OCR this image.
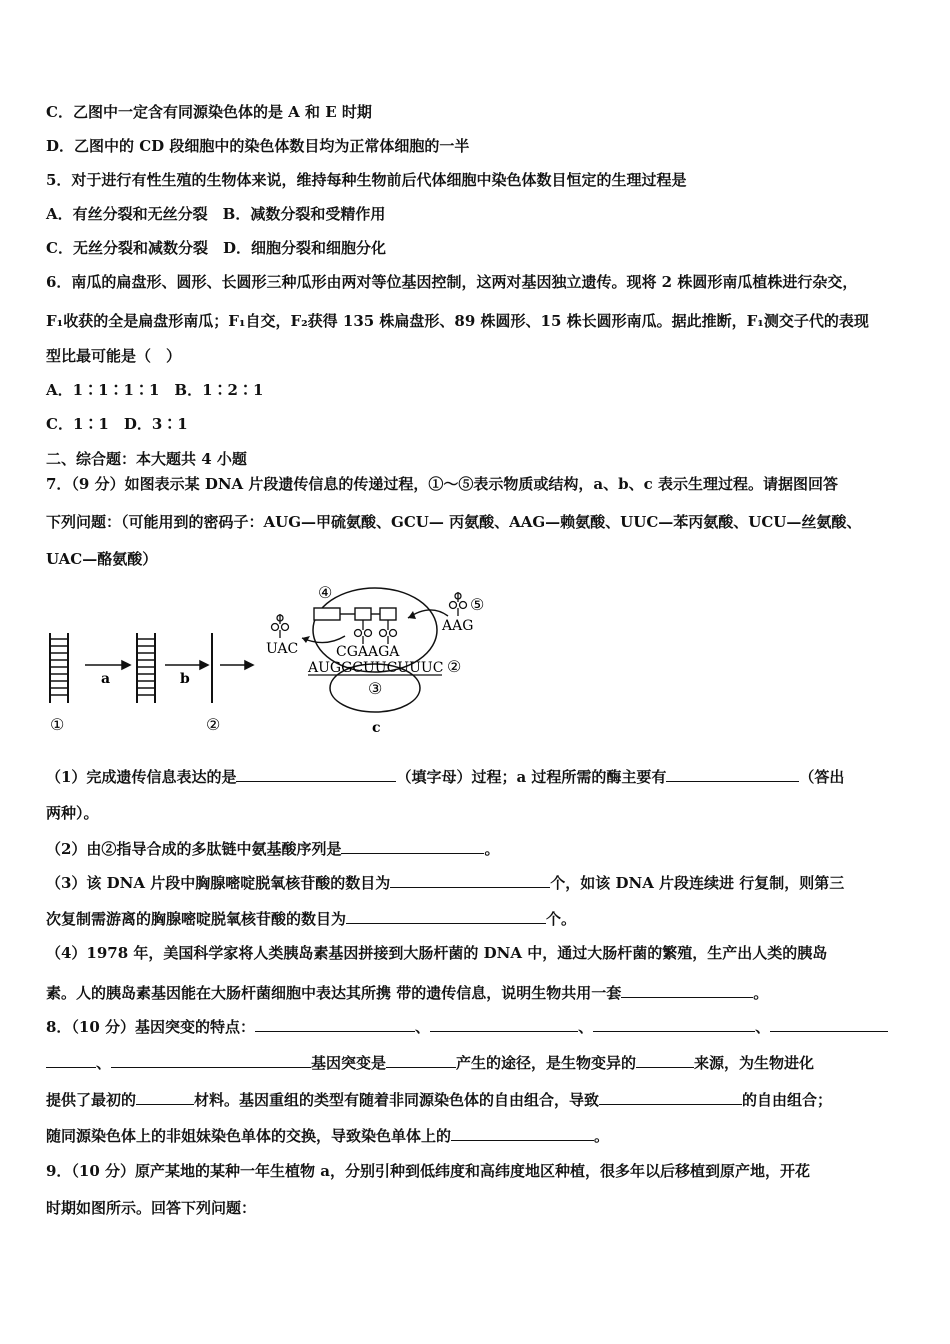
C．乙图中一定含有同源染色体的是 A 和 E 时期
D．乙图中的 CD 段细胞中的染色体数目均为正常体细胞的一半
5．对于进行有性生殖的生物体来说，维持每种生物前后代体细胞中染色体数目恒定的生理过程是
A．有丝分裂和无丝分裂　B．减数分裂和受精作用
C．无丝分裂和减数分裂　D．细胞分裂和细胞分化
6．南瓜的扁盘形、圆形、长圆形三种瓜形由两对等位基因控制，这两对基因独立遗传。现将 2 株圆形南瓜植株进行杂交，
F₁收获的全是扁盘形南瓜；F₁自交，F₂获得 135 株扁盘形、89 株圆形、15 株长圆形南瓜。据此推断，F₁测交子代的表现
型比最可能是（　）
A．1∶1∶1∶1　B．1∶2∶1
C．1∶1　D．3∶1
二、综合题：本大题共 4 小题
7．（9 分）如图表示某 DNA 片段遗传信息的传递过程，①～⑤表示物质或结构，a、b、c 表示生理过程。请据图回答
下列问题：（可能用到的密码子：AUG—甲硫氨酸、GCU— 丙氨酸、AAG—赖氨酸、UUC—苯丙氨酸、UCU—丝氨酸、
UAC—酪氨酸）
①
a	b
②
③
④
UAC
⑤
AAG
CGAAGA
AUGGCUUCUUUC ②
c
（1）完成遗传信息表达的是	（填字母）过程；a 过程所需的酶主要有	（答出
两种）。
（2）由②指导合成的多肽链中氨基酸序列是	。
（3）该 DNA 片段中胸腺嘧啶脱氧核苷酸的数目为	个，如该 DNA 片段连续进 行复制，则第三
次复制需游离的胸腺嘧啶脱氧核苷酸的数目为	个。
（4）1978 年，美国科学家将人类胰岛素基因拼接到大肠杆菌的 DNA 中，通过大肠杆菌的繁殖，生产出人类的胰岛
素。人的胰岛素基因能在大肠杆菌细胞中表达其所携 带的遗传信息，说明生物共用一套	。
8．（10 分）基因突变的特点：	、	、	、
、	基因突变是	产生的途径，是生物变异的	来源，为生物进化
提供了最初的	材料。基因重组的类型有随着非同源染色体的自由组合，导致	的自由组合；
随同源染色体上的非姐妹染色单体的交换，导致染色单体上的	。
9．（10 分）原产某地的某种一年生植物 a，分别引种到低纬度和高纬度地区种植，很多年以后移植到原产地，开花
时期如图所示。回答下列问题：
